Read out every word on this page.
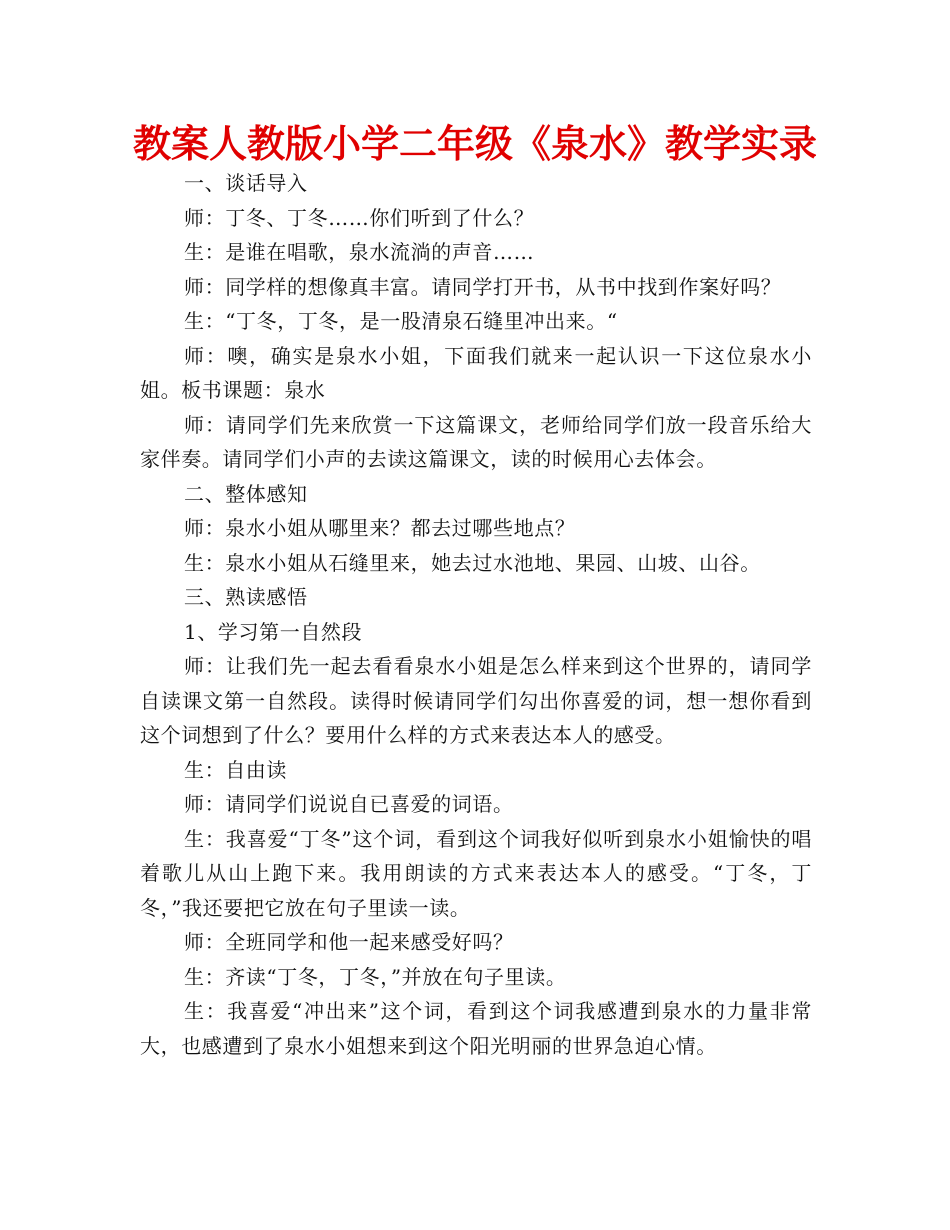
教案人教版小学二年级《泉水》教学实录

一、谈话导入

师：丁冬、丁冬……你们听到了什么？

生：是谁在唱歌，泉水流淌的声音……

师：同学样的想像真丰富。请同学打开书，从书中找到作案好吗？

生：“丁冬，丁冬，是一股清泉石缝里冲出来。“

师：噢，确实是泉水小姐，下面我们就来一起认识一下这位泉水小姐。板书课题：泉水

师：请同学们先来欣赏一下这篇课文，老师给同学们放一段音乐给大家伴奏。请同学们小声的去读这篇课文，读的时候用心去体会。

二、整体感知

师：泉水小姐从哪里来？都去过哪些地点？

生：泉水小姐从石缝里来，她去过水池地、果园、山坡、山谷。

三、熟读感悟

1、学习第一自然段

师：让我们先一起去看看泉水小姐是怎么样来到这个世界的，请同学自读课文第一自然段。读得时候请同学们勾出你喜爱的词，想一想你看到这个词想到了什么？要用什么样的方式来表达本人的感受。

生：自由读

师：请同学们说说自已喜爱的词语。

生：我喜爱“丁冬”这个词，看到这个词我好似听到泉水小姐愉快的唱着歌儿从山上跑下来。我用朗读的方式来表达本人的感受。“丁冬，丁冬，”我还要把它放在句子里读一读。

师：全班同学和他一起来感受好吗？

生：齐读“丁冬，丁冬，”并放在句子里读。

生：我喜爱“冲出来”这个词，看到这个词我感遭到泉水的力量非常大，也感遭到了泉水小姐想来到这个阳光明丽的世界急迫心情。
